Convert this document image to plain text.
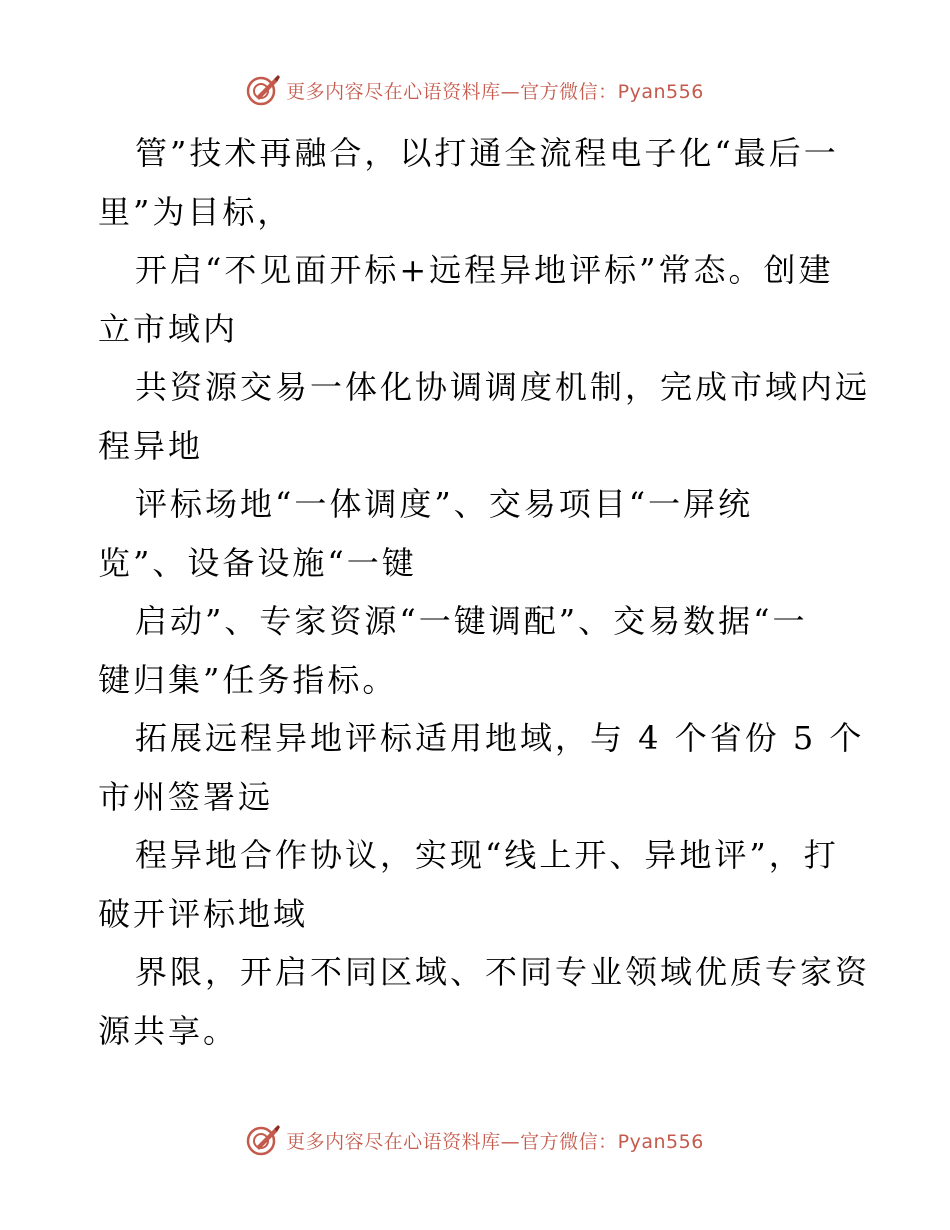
更多内容尽在心语资料库—官方微信：Pyan556
管”技术再融合，以打通全流程电子化“最后一
里”为目标，
开启“不见面开标+远程异地评标”常态。创建
立市域内
共资源交易一体化协调调度机制，完成市域内远
程异地
评标场地“一体调度”、交易项目“一屏统
览”、设备设施“一键
启动”、专家资源“一键调配”、交易数据“一
键归集”任务指标。
拓展远程异地评标适用地域，与 4 个省份 5 个
市州签署远
程异地合作协议，实现“线上开、异地评”，打
破开评标地域
界限，开启不同区域、不同专业领域优质专家资
源共享。
更多内容尽在心语资料库—官方微信：Pyan556
